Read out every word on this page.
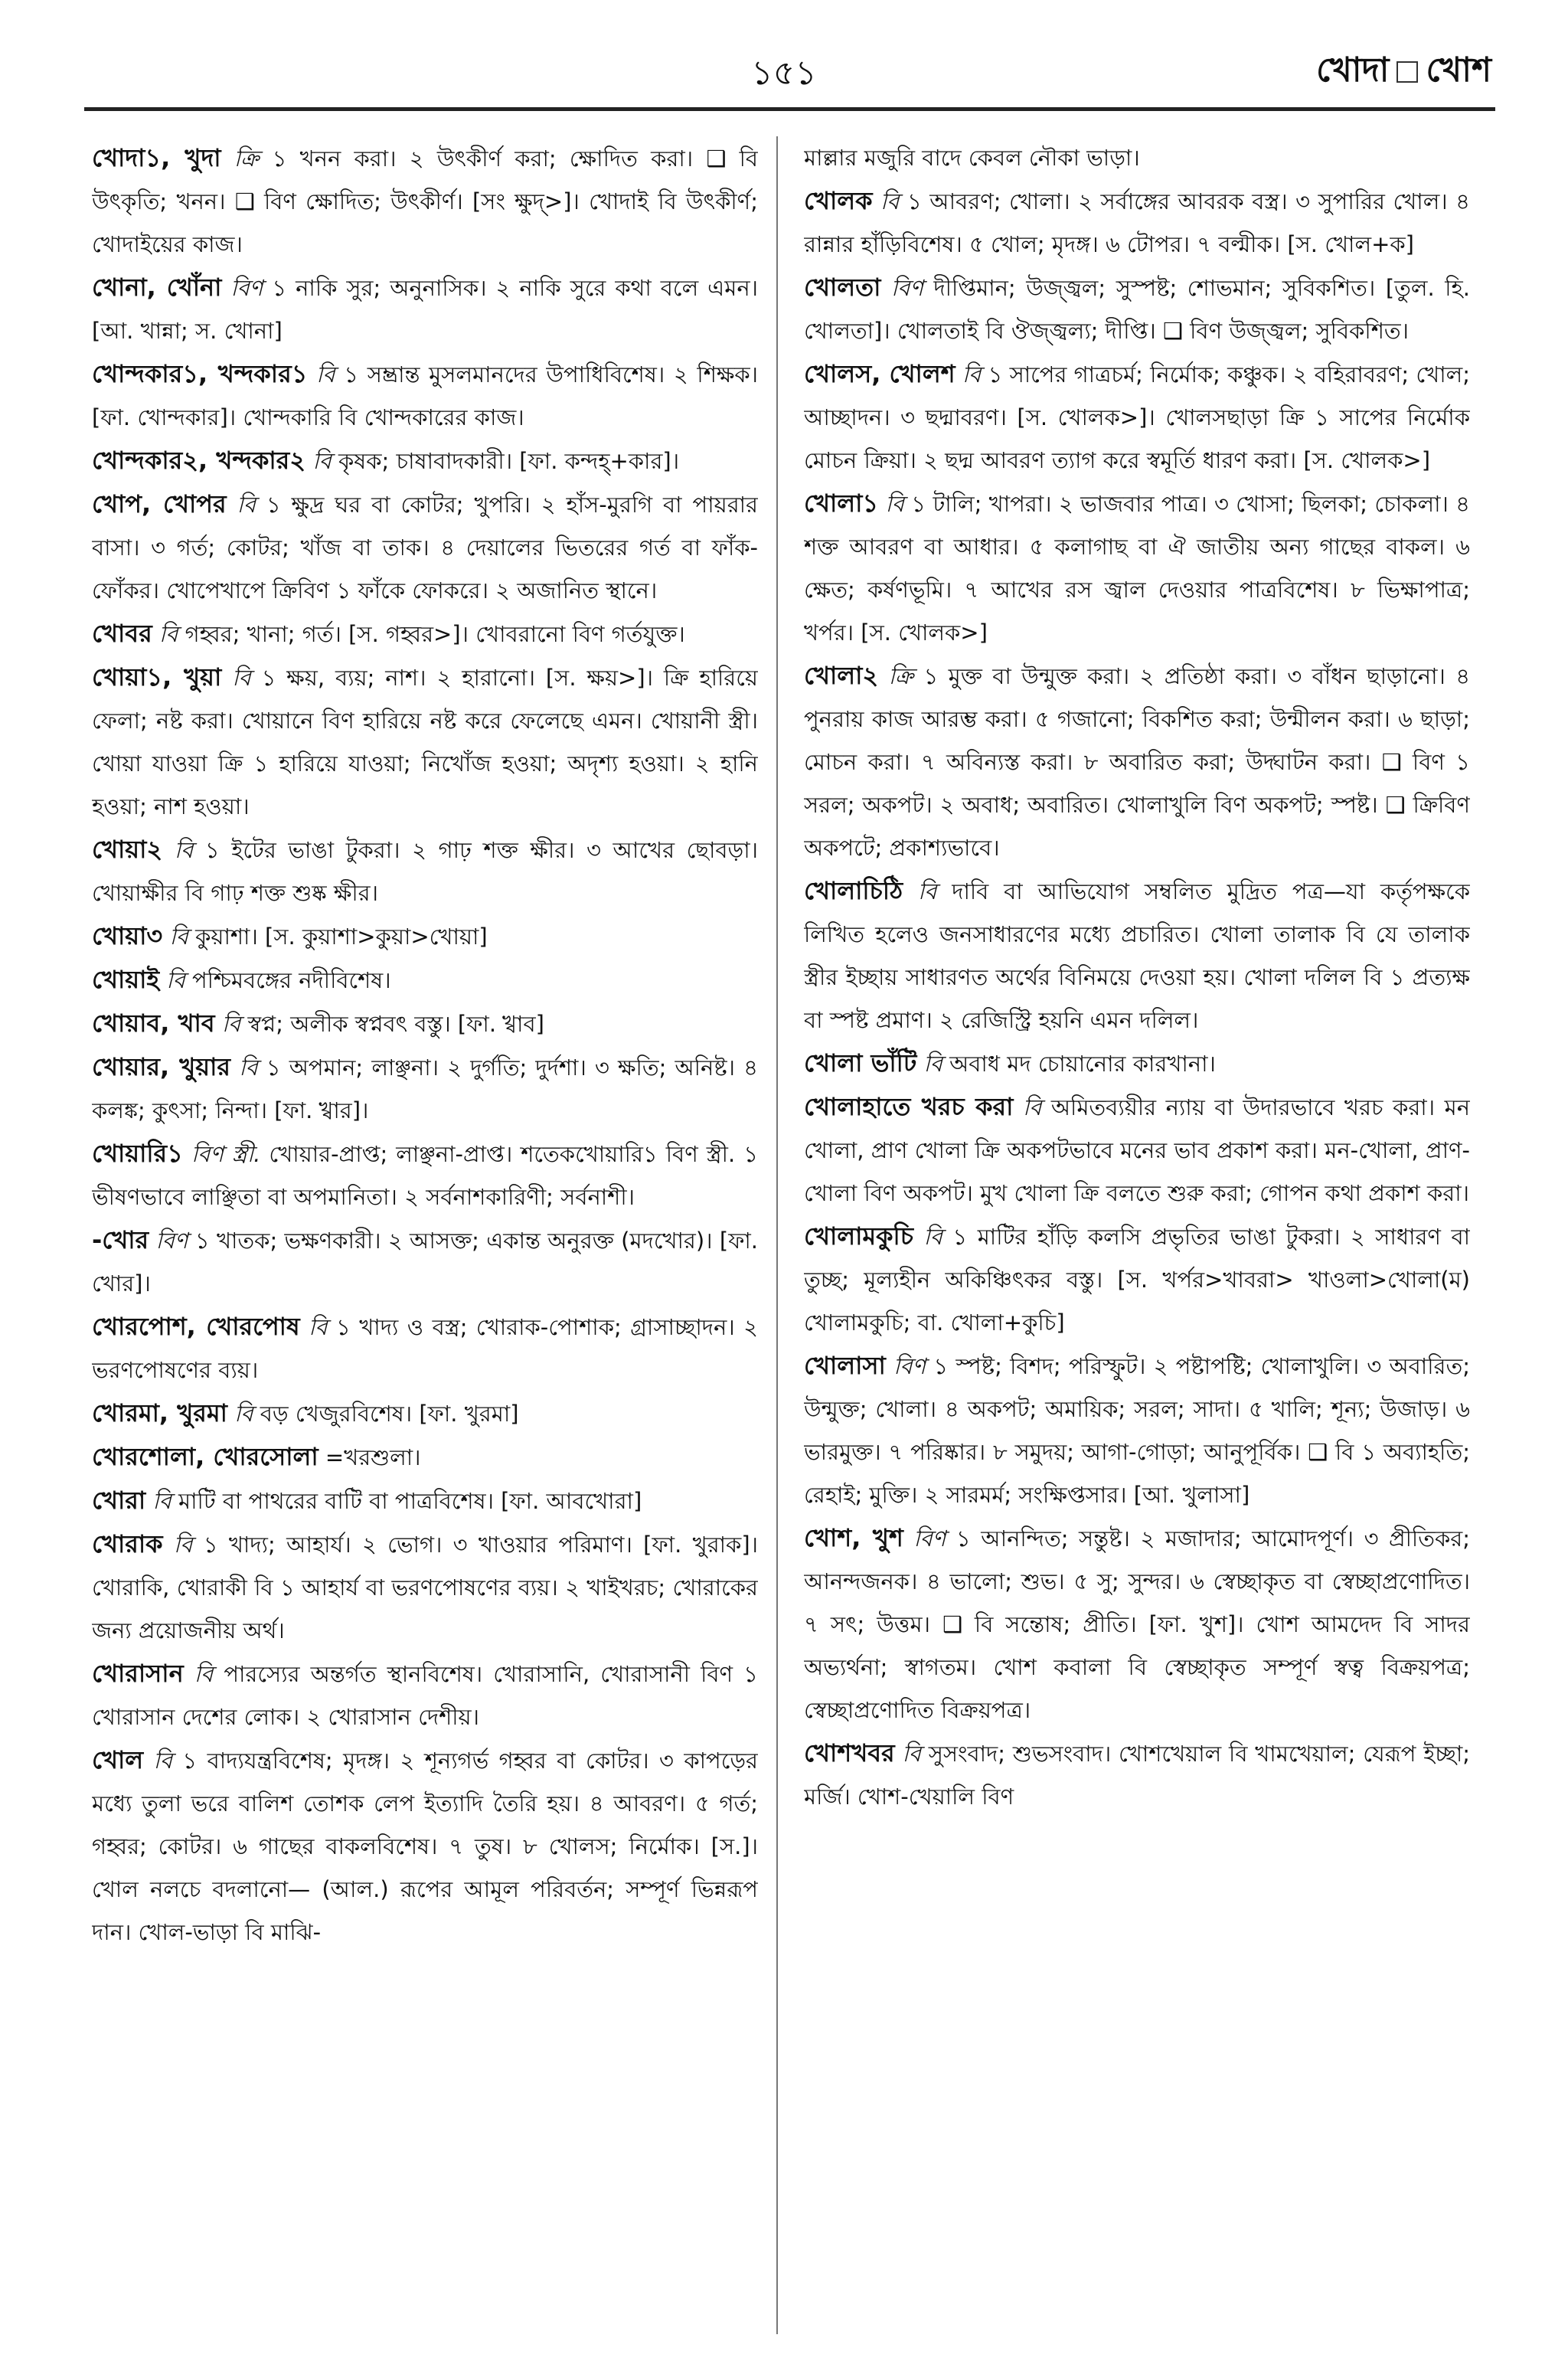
১৫১	খোদা খোশ

খোদা১, খুদা ক্রি ১ খনন করা। ২ উৎকীর্ণ করা; ক্ষোদিত করা। ❑ বি উৎকৃতি; খনন। ❑ বিণ ক্ষোদিত; উৎকীর্ণ। [সং ক্ষুদ্>]। খোদাই বি উৎকীর্ণ; খোদাইয়ের কাজ।

খোনা, খোঁনা বিণ ১ নাকি সুর; অনুনাসিক। ২ নাকি সুরে কথা বলে এমন। [আ. খান্না; স. খোনা]

খোন্দকার১, খন্দকার১ বি ১ সম্ভ্রান্ত মুসলমানদের উপাধিবিশেষ। ২ শিক্ষক। [ফা. খোন্দকার]। খোন্দকারি বি খোন্দকারের কাজ।

খোন্দকার২, খন্দকার২ বি কৃষক; চাষাবাদকারী। [ফা. কন্দহ্+কার]।

খোপ, খোপর বি ১ ক্ষুদ্র ঘর বা কোটর; খুপরি। ২ হাঁস-মুরগি বা পায়রার বাসা। ৩ গর্ত; কোটর; খাঁজ বা তাক। ৪ দেয়ালের ভিতরের গর্ত বা ফাঁক-ফোঁকর। খোপেখাপে ক্রিবিণ ১ ফাঁকে ফোকরে। ২ অজানিত স্থানে।

খোবর বি গহ্বর; খানা; গর্ত। [স. গহ্বর>]। খোবরানো বিণ গর্তযুক্ত।

খোয়া১, খুয়া বি ১ ক্ষয়, ব্যয়; নাশ। ২ হারানো। [স. ক্ষয়>]। ক্রি হারিয়ে ফেলা; নষ্ট করা। খোয়ানে বিণ হারিয়ে নষ্ট করে ফেলেছে এমন। খোয়ানী স্ত্রী। খোয়া যাওয়া ক্রি ১ হারিয়ে যাওয়া; নিখোঁজ হওয়া; অদৃশ্য হওয়া। ২ হানি হওয়া; নাশ হওয়া।

খোয়া২ বি ১ ইটের ভাঙা টুকরা। ২ গাঢ় শক্ত ক্ষীর। ৩ আখের ছোবড়া। খোয়াক্ষীর বি গাঢ় শক্ত শুষ্ক ক্ষীর।

খোয়া৩ বি কুয়াশা। [স. কুয়াশা>কুয়া>খোয়া]

খোয়াই বি পশ্চিমবঙ্গের নদীবিশেষ।

খোয়াব, খাব বি স্বপ্ন; অলীক স্বপ্নবৎ বস্তু। [ফা. খ্বাব]

খোয়ার, খুয়ার বি ১ অপমান; লাঞ্ছনা। ২ দুর্গতি; দুর্দশা। ৩ ক্ষতি; অনিষ্ট। ৪ কলঙ্ক; কুৎসা; নিন্দা। [ফা. খ্বার]।

খোয়ারি১ বিণ স্ত্রী. খোয়ার-প্রাপ্ত; লাঞ্ছনা-প্রাপ্ত। শতেকখোয়ারি১ বিণ স্ত্রী. ১ ভীষণভাবে লাঞ্ছিতা বা অপমানিতা। ২ সর্বনাশকারিণী; সর্বনাশী।

-খোর বিণ ১ খাতক; ভক্ষণকারী। ২ আসক্ত; একান্ত অনুরক্ত (মদখোর)। [ফা. খোর]।

খোরপোশ, খোরপোষ বি ১ খাদ্য ও বস্ত্র; খোরাক-পোশাক; গ্রাসাচ্ছাদন। ২ ভরণপোষণের ব্যয়।

খোরমা, খুরমা বি বড় খেজুরবিশেষ। [ফা. খুরমা]

খোরশোলা, খোরসোলা =খরশুলা।

খোরা বি মাটি বা পাথরের বাটি বা পাত্রবিশেষ। [ফা. আবখোরা]

খোরাক বি ১ খাদ্য; আহার্য। ২ ভোগ। ৩ খাওয়ার পরিমাণ। [ফা. খুরাক]। খোরাকি, খোরাকী বি ১ আহার্য বা ভরণপোষণের ব্যয়। ২ খাইখরচ; খোরাকের জন্য প্রয়োজনীয় অর্থ।

খোরাসান বি পারস্যের অন্তর্গত স্থানবিশেষ। খোরাসানি, খোরাসানী বিণ ১ খোরাসান দেশের লোক। ২ খোরাসান দেশীয়।

খোল বি ১ বাদ্যযন্ত্রবিশেষ; মৃদঙ্গ। ২ শূন্যগর্ভ গহ্বর বা কোটর। ৩ কাপড়ের মধ্যে তুলা ভরে বালিশ তোশক লেপ ইত্যাদি তৈরি হয়। ৪ আবরণ। ৫ গর্ত; গহ্বর; কোটর। ৬ গাছের বাকলবিশেষ। ৭ তুষ। ৮ খোলস; নির্মোক। [স.]। খোল নলচে বদলানো— (আল.) রূপের আমূল পরিবর্তন; সম্পূর্ণ ভিন্নরূপ দান। খোল-ভাড়া বি মাঝি-

মাল্লার মজুরি বাদে কেবল নৌকা ভাড়া।

খোলক বি ১ আবরণ; খোলা। ২ সর্বাঙ্গের আবরক বস্ত্র। ৩ সুপারির খোল। ৪ রান্নার হাঁড়িবিশেষ। ৫ খোল; মৃদঙ্গ। ৬ টোপর। ৭ বল্মীক। [স. খোল+ক]

খোলতা বিণ দীপ্তিমান; উজ্জ্বল; সুস্পষ্ট; শোভমান; সুবিকশিত। [তুল. হি. খোলতা]। খোলতাই বি ঔজ্জ্বল্য; দীপ্তি। ❑ বিণ উজ্জ্বল; সুবিকশিত।

খোলস, খোলশ বি ১ সাপের গাত্রচর্ম; নির্মোক; কঞ্চুক। ২ বহিরাবরণ; খোল; আচ্ছাদন। ৩ ছদ্মাবরণ। [স. খোলক>]। খোলসছাড়া ক্রি ১ সাপের নির্মোক মোচন ক্রিয়া। ২ ছদ্ম আবরণ ত্যাগ করে স্বমূর্তি ধারণ করা। [স. খোলক>]

খোলা১ বি ১ টালি; খাপরা। ২ ভাজবার পাত্র। ৩ খোসা; ছিলকা; চোকলা। ৪ শক্ত আবরণ বা আধার। ৫ কলাগাছ বা ঐ জাতীয় অন্য গাছের বাকল। ৬ ক্ষেত; কর্ষণভূমি। ৭ আখের রস জ্বাল দেওয়ার পাত্রবিশেষ। ৮ ভিক্ষাপাত্র; খর্পর। [স. খোলক>]

খোলা২ ক্রি ১ মুক্ত বা উন্মুক্ত করা। ২ প্রতিষ্ঠা করা। ৩ বাঁধন ছাড়ানো। ৪ পুনরায় কাজ আরম্ভ করা। ৫ গজানো; বিকশিত করা; উন্মীলন করা। ৬ ছাড়া; মোচন করা। ৭ অবিন্যস্ত করা। ৮ অবারিত করা; উদ্ঘাটন করা। ❑ বিণ ১ সরল; অকপট। ২ অবাধ; অবারিত। খোলাখুলি বিণ অকপট; স্পষ্ট। ❑ ক্রিবিণ অকপটে; প্রকাশ্যভাবে।

খোলাচিঠি বি দাবি বা আভিযোগ সম্বলিত মুদ্রিত পত্র—যা কর্তৃপক্ষকে লিখিত হলেও জনসাধারণের মধ্যে প্রচারিত। খোলা তালাক বি যে তালাক স্ত্রীর ইচ্ছায় সাধারণত অর্থের বিনিময়ে দেওয়া হয়। খোলা দলিল বি ১ প্রত্যক্ষ বা স্পষ্ট প্রমাণ। ২ রেজিস্ট্রি হয়নি এমন দলিল।

খোলা ভাঁটি বি অবাধ মদ চোয়ানোর কারখানা।

খোলাহাতে খরচ করা বি অমিতব্যয়ীর ন্যায় বা উদারভাবে খরচ করা। মন খোলা, প্রাণ খোলা ক্রি অকপটভাবে মনের ভাব প্রকাশ করা। মন-খোলা, প্রাণ-খোলা বিণ অকপট। মুখ খোলা ক্রি বলতে শুরু করা; গোপন কথা প্রকাশ করা।

খোলামকুচি বি ১ মাটির হাঁড়ি কলসি প্রভৃতির ভাঙা টুকরা। ২ সাধারণ বা তুচ্ছ; মূল্যহীন অকিঞ্চিৎকর বস্তু। [স. খর্পর>খাবরা> খাওলা>খোলা(ম) খোলামকুচি; বা. খোলা+কুচি]

খোলাসা বিণ ১ স্পষ্ট; বিশদ; পরিস্ফুট। ২ পষ্টাপষ্টি; খোলাখুলি। ৩ অবারিত; উন্মুক্ত; খোলা। ৪ অকপট; অমায়িক; সরল; সাদা। ৫ খালি; শূন্য; উজাড়। ৬ ভারমুক্ত। ৭ পরিষ্কার। ৮ সমুদয়; আগা-গোড়া; আনুপূর্বিক। ❑ বি ১ অব্যাহতি; রেহাই; মুক্তি। ২ সারমর্ম; সংক্ষিপ্তসার। [আ. খুলাসা]

খোশ, খুশ বিণ ১ আনন্দিত; সন্তুষ্ট। ২ মজাদার; আমোদপূর্ণ। ৩ প্রীতিকর; আনন্দজনক। ৪ ভালো; শুভ। ৫ সু; সুন্দর। ৬ স্বেচ্ছাকৃত বা স্বেচ্ছাপ্রণোদিত। ৭ সৎ; উত্তম। ❑ বি সন্তোষ; প্রীতি। [ফা. খুশ]। খোশ আমদেদ বি সাদর অভ্যর্থনা; স্বাগতম। খোশ কবালা বি স্বেচ্ছাকৃত সম্পূর্ণ স্বত্ব বিক্রয়পত্র; স্বেচ্ছাপ্রণোদিত বিক্রয়পত্র।

খোশখবর বি সুসংবাদ; শুভসংবাদ। খোশখেয়াল বি খামখেয়াল; যেরূপ ইচ্ছা; মর্জি। খোশ-খেয়ালি বিণ
